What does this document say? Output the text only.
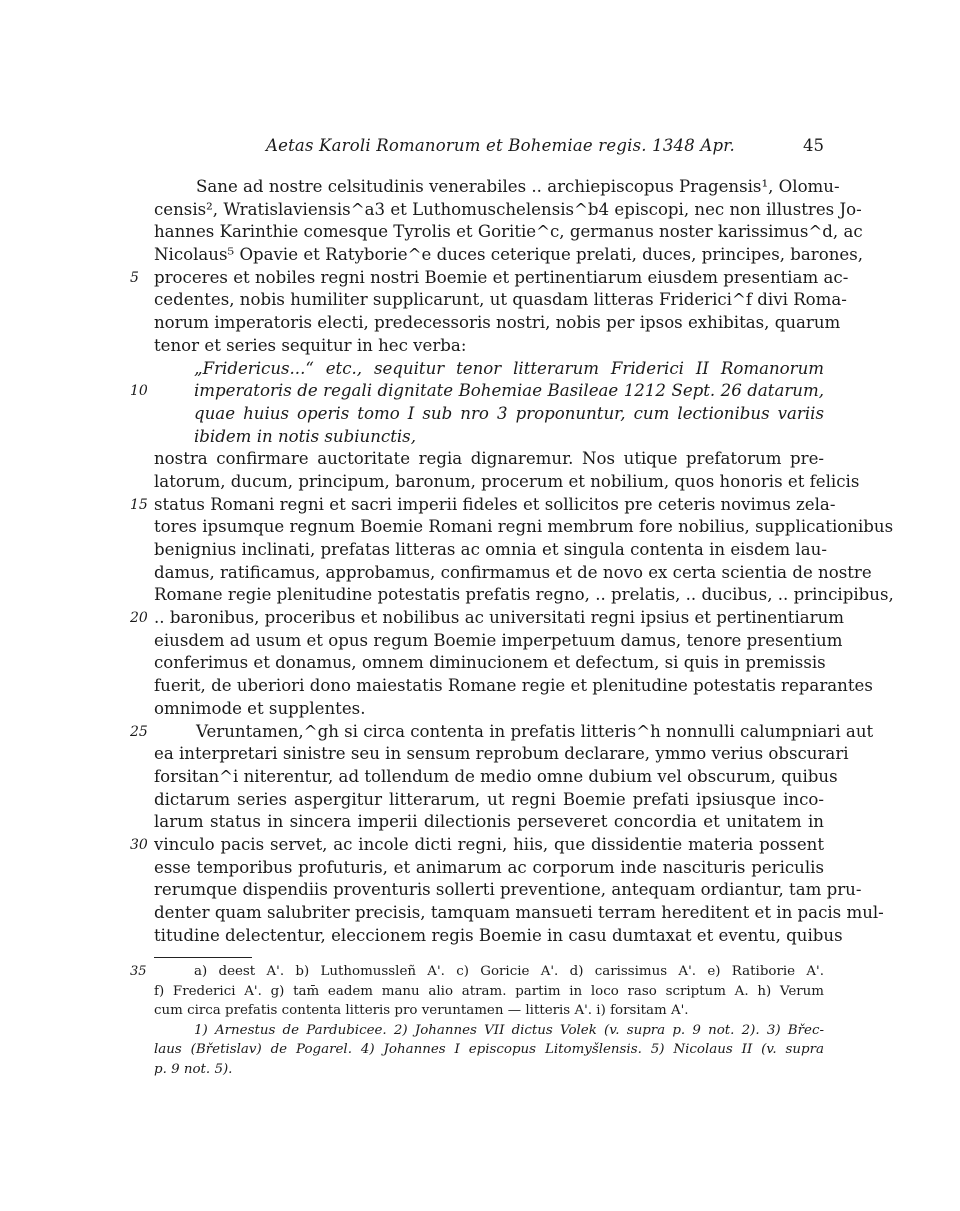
Aetas Karoli Romanorum et Bohemiae regis. 1348 Apr.	45
Sane ad nostre celsitudinis venerabiles .. archiepiscopus Pragensis¹, Olomu-
censis², Wratislaviensis^a3 et Luthomuschelensis^b4 episcopi, nec non illustres Jo-
hannes Karinthie comesque Tyrolis et Goritie^c, germanus noster karissimus^d, ac
Nicolaus⁵ Opavie et Ratyborie^e duces ceterique prelati, duces, principes, barones,
5 proceres et nobiles regni nostri Boemie et pertinentiarum eiusdem presentiam ac-
cedentes, nobis humiliter supplicarunt, ut quasdam litteras Friderici^f divi Roma-
norum imperatoris electi, predecessoris nostri, nobis per ipsos exhibitas, quarum
tenor et series sequitur in hec verba:
„Fridericus...“ etc., sequitur tenor litterarum Friderici II Romanorum
10	imperatoris de regali dignitate Bohemiae Basileae 1212 Sept. 26 datarum,
quae huius operis tomo I sub nro 3 proponuntur, cum lectionibus variis
ibidem in notis subiunctis,
nostra confirmare auctoritate regia dignaremur. Nos utique prefatorum pre-
latorum, ducum, principum, baronum, procerum et nobilium, quos honoris et felicis
15 status Romani regni et sacri imperii fideles et sollicitos pre ceteris novimus zela-
tores ipsumque regnum Boemie Romani regni membrum fore nobilius, supplicationibus
benignius inclinati, prefatas litteras ac omnia et singula contenta in eisdem lau-
damus, ratificamus, approbamus, confirmamus et de novo ex certa scientia de nostre
Romane regie plenitudine potestatis prefatis regno, .. prelatis, .. ducibus, .. principibus,
20 .. baronibus, proceribus et nobilibus ac universitati regni ipsius et pertinentiarum
eiusdem ad usum et opus regum Boemie imperpetuum damus, tenore presentium
conferimus et donamus, omnem diminucionem et defectum, si quis in premissis
fuerit, de uberiori dono maiestatis Romane regie et plenitudine potestatis reparantes
omnimode et supplentes.
25	Veruntamen,^gh si circa contenta in prefatis litteris^h nonnulli calumpniari aut
ea interpretari sinistre seu in sensum reprobum declarare, ymmo verius obscurari
forsitan^i niterentur, ad tollendum de medio omne dubium vel obscurum, quibus
dictarum series aspergitur litterarum, ut regni Boemie prefati ipsiusque inco-
larum status in sincera imperii dilectionis perseveret concordia et unitatem in
30 vinculo pacis servet, ac incole dicti regni, hiis, que dissidentie materia possent
esse temporibus profuturis, et animarum ac corporum inde nascituris periculis
rerumque dispendiis proventuris sollerti preventione, antequam ordiantur, tam pru-
denter quam salubriter precisis, tamquam mansueti terram hereditent et in pacis mul-
titudine delectentur, eleccionem regis Boemie in casu dumtaxat et eventu, quibus
35	a) deest A'. b) Luthomussleñ A'. c) Goricie A'. d) carissimus A'. e) Ratiborie A'.
f) Frederici A'. g) tam̄ eadem manu alio atram. partim in loco raso scriptum A. h) Verum
cum circa prefatis contenta litteris pro veruntamen — litteris A'. i) forsitam A'.
1) Arnestus de Pardubicee. 2) Johannes VII dictus Volek (v. supra p. 9 not. 2). 3) Břec-
laus (Břetislav) de Pogarel. 4) Johannes I episcopus Litomyšlensis. 5) Nicolaus II (v. supra
p. 9 not. 5).
